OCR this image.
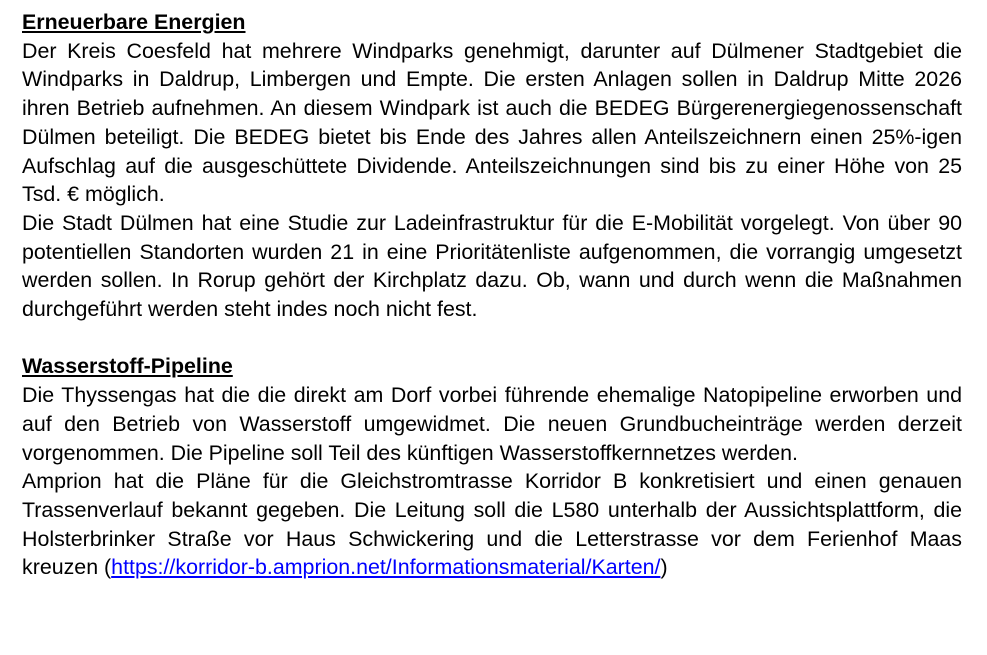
Erneuerbare Energien

Der Kreis Coesfeld hat mehrere Windparks genehmigt, darunter auf Dülmener Stadtgebiet die Windparks in Daldrup, Limbergen und Empte. Die ersten Anlagen sollen in Daldrup Mitte 2026 ihren Betrieb aufnehmen. An diesem Windpark ist auch die BEDEG Bürgerenergiegenossenschaft Dülmen beteiligt. Die BEDEG bietet bis Ende des Jahres allen Anteilszeichnern einen 25%-igen Aufschlag auf die ausgeschüttete Dividende. Anteilszeichnungen sind bis zu einer Höhe von 25 Tsd. € möglich.

Die Stadt Dülmen hat eine Studie zur Ladeinfrastruktur für die E-Mobilität vorgelegt. Von über 90 potentiellen Standorten wurden 21 in eine Prioritätenliste aufgenommen, die vorrangig umgesetzt werden sollen. In Rorup gehört der Kirchplatz dazu. Ob, wann und durch wenn die Maßnahmen durchgeführt werden steht indes noch nicht fest.

Wasserstoff-Pipeline

Die Thyssengas hat die die direkt am Dorf vorbei führende ehemalige Natopipeline erworben und auf den Betrieb von Wasserstoff umgewidmet. Die neuen Grundbucheinträge werden derzeit vorgenommen. Die Pipeline soll Teil des künftigen Wasserstoffkernnetzes werden.

Amprion hat die Pläne für die Gleichstromtrasse Korridor B konkretisiert und einen genauen Trassenverlauf bekannt gegeben. Die Leitung soll die L580 unterhalb der Aussichtsplattform, die Holsterbrinker Straße vor Haus Schwickering und die Letterstrasse vor dem Ferienhof Maas kreuzen (https://korridor-b.amprion.net/Informationsmaterial/Karten/)
